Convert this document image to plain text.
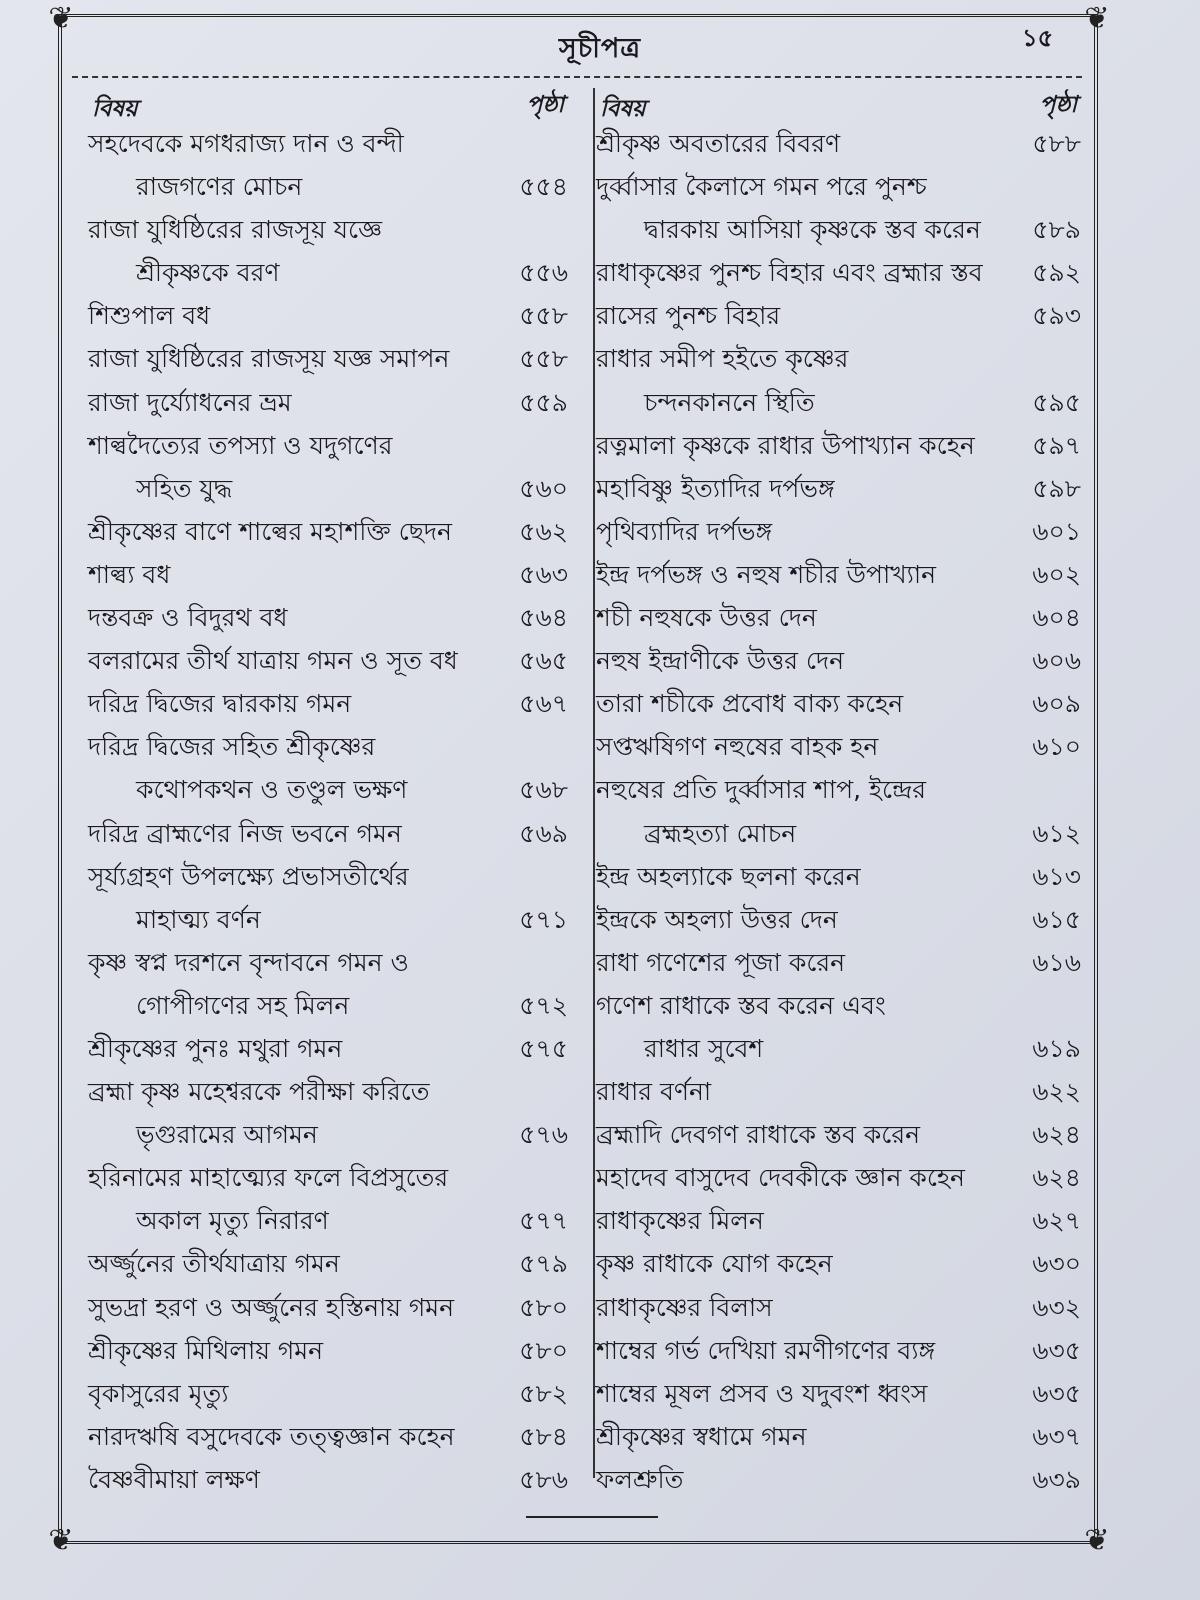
❦	❦
❦	❦
সূচীপত্র	১৫
বিষয়	পৃষ্ঠা
সহদেবকে মগধরাজ্য দান ও বন্দী
রাজগণের মোচন	৫৫৪
রাজা যুধিষ্ঠিরের রাজসূয় যজ্ঞে
শ্রীকৃষ্ণকে বরণ	৫৫৬
শিশুপাল বধ	৫৫৮
রাজা যুধিষ্ঠিরের রাজসূয় যজ্ঞ সমাপন	৫৫৮
রাজা দুর্য্যোধনের ভ্রম	৫৫৯
শাল্বদৈত্যের তপস্যা ও যদুগণের
সহিত যুদ্ধ	৫৬০
শ্রীকৃষ্ণের বাণে শাল্বের মহাশক্তি ছেদন	৫৬২
শাল্ব্য বধ	৫৬৩
দন্তবক্র ও বিদুরথ বধ	৫৬৪
বলরামের তীর্থ যাত্রায় গমন ও সূত বধ ৫৬৫
দরিদ্র দ্বিজের দ্বারকায় গমন	৫৬৭
দরিদ্র দ্বিজের সহিত শ্রীকৃষ্ণের
কথোপকথন ও তণ্ডুল ভক্ষণ	৫৬৮
দরিদ্র ব্রাহ্মণের নিজ ভবনে গমন	৫৬৯
সূর্য্যগ্রহণ উপলক্ষ্যে প্রভাসতীর্থের
মাহাত্ম্য বর্ণন	৫৭১
কৃষ্ণ স্বপ্ন দরশনে বৃন্দাবনে গমন ও
গোপীগণের সহ মিলন	৫৭২
শ্রীকৃষ্ণের পুনঃ মথুরা গমন	৫৭৫
ব্রহ্মা কৃষ্ণ মহেশ্বরকে পরীক্ষা করিতে
ভৃগুরামের আগমন	৫৭৬
হরিনামের মাহাত্ম্যের ফলে বিপ্রসুতের
অকাল মৃত্যু নিরারণ	৫৭৭
অর্জ্জুনের তীর্থযাত্রায় গমন	৫৭৯
সুভদ্রা হরণ ও অর্জ্জুনের হস্তিনায় গমন	৫৮০
শ্রীকৃষ্ণের মিথিলায় গমন	৫৮০
বৃকাসুরের মৃত্যু	৫৮২
নারদঋষি বসুদেবকে তত্ত্বজ্ঞান কহেন	৫৮৪
বৈষ্ণবীমায়া লক্ষণ	৫৮৬
বিষয়	পৃষ্ঠা
শ্রীকৃষ্ণ অবতারের বিবরণ	৫৮৮
দুর্ব্বাসার কৈলাসে গমন পরে পুনশ্চ
দ্বারকায় আসিয়া কৃষ্ণকে স্তব করেন ৫৮৯
রাধাকৃষ্ণের পুনশ্চ বিহার এবং ব্রহ্মার স্তব ৫৯২
রাসের পুনশ্চ বিহার	৫৯৩
রাধার সমীপ হইতে কৃষ্ণের
চন্দনকাননে স্থিতি	৫৯৫
রত্নমালা কৃষ্ণকে রাধার উপাখ্যান কহেন ৫৯৭
মহাবিষ্ণু ইত্যাদির দর্পভঙ্গ	৫৯৮
পৃথিব্যাদির দর্পভঙ্গ	৬০১
ইন্দ্র দর্পভঙ্গ ও নহুষ শচীর উপাখ্যান	৬০২
শচী নহুষকে উত্তর দেন	৬০৪
নহুষ ইন্দ্রাণীকে উত্তর দেন	৬০৬
তারা শচীকে প্রবোধ বাক্য কহেন	৬০৯
সপ্তঋষিগণ নহুষের বাহক হন	৬১০
নহুষের প্রতি দুর্ব্বাসার শাপ, ইন্দ্রের
ব্রহ্মহত্যা মোচন	৬১২
ইন্দ্র অহল্যাকে ছলনা করেন	৬১৩
ইন্দ্রকে অহল্যা উত্তর দেন	৬১৫
রাধা গণেশের পূজা করেন	৬১৬
গণেশ রাধাকে স্তব করেন এবং
রাধার সুবেশ	৬১৯
রাধার বর্ণনা	৬২২
ব্রহ্মাদি দেবগণ রাধাকে স্তব করেন	৬২৪
মহাদেব বাসুদেব দেবকীকে জ্ঞান কহেন	৬২৪
রাধাকৃষ্ণের মিলন	৬২৭
কৃষ্ণ রাধাকে যোগ কহেন	৬৩০
রাধাকৃষ্ণের বিলাস	৬৩২
শাম্বের গর্ভ দেখিয়া রমণীগণের ব্যঙ্গ	৬৩৫
শাম্বের মূষল প্রসব ও যদুবংশ ধ্বংস	৬৩৫
শ্রীকৃষ্ণের স্বধামে গমন	৬৩৭
ফলশ্রুতি	৬৩৯
